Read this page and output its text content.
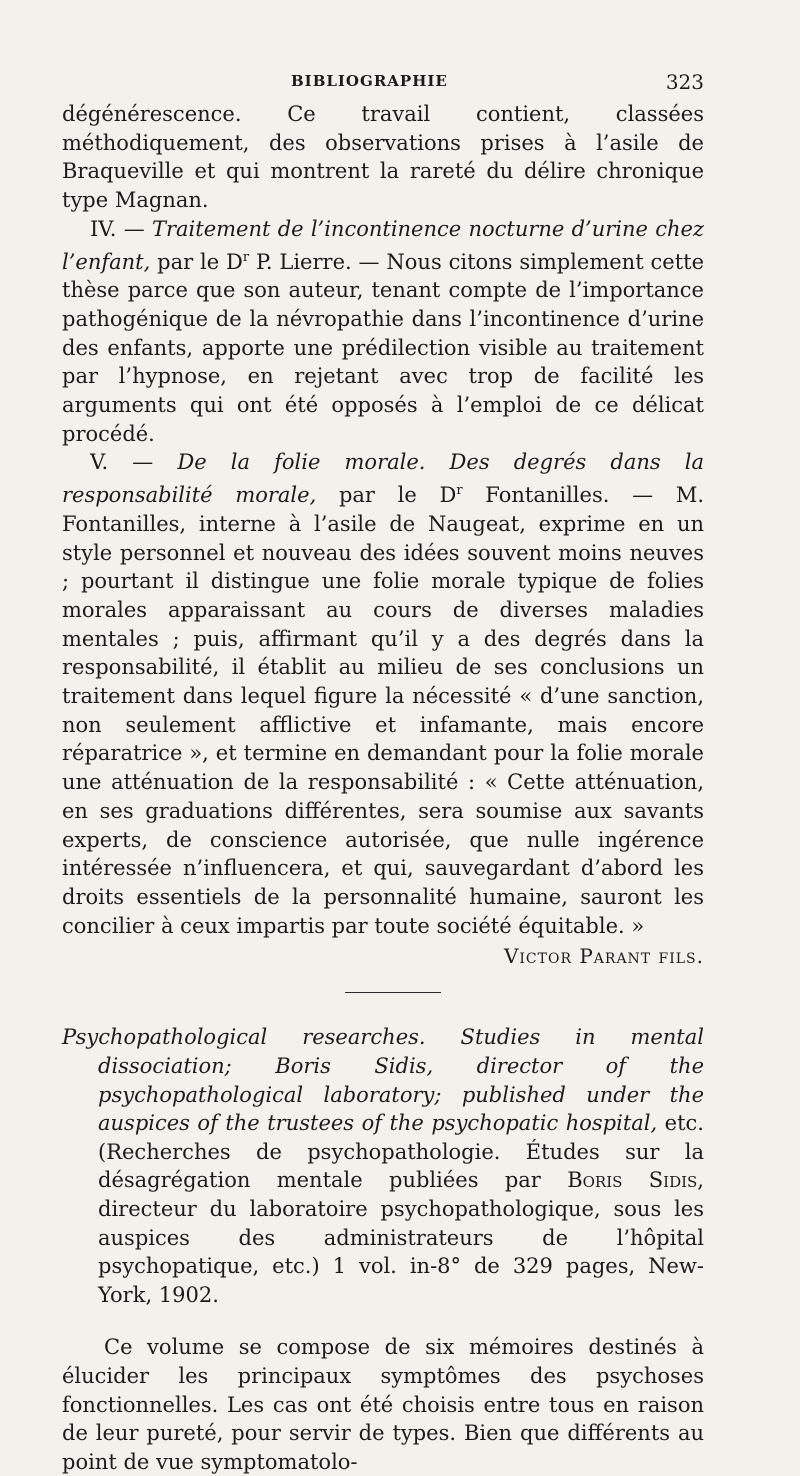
BIBLIOGRAPHIE	323

dégénérescence. Ce travail contient, classées méthodiquement, des observations prises à l’asile de Braqueville et qui montrent la rareté du délire chronique type Magnan.

IV. — Traitement de l’incontinence nocturne d’urine chez l’enfant, par le $D^r$ P. Lierre. — Nous citons simplement cette thèse parce que son auteur, tenant compte de l’importance pathogénique de la névropathie dans l’incontinence d’urine des enfants, apporte une prédilection visible au traitement par l’hypnose, en rejetant avec trop de facilité les arguments qui ont été opposés à l’emploi de ce délicat procédé.

V. — De la folie morale. Des degrés dans la responsabilité morale, par le $D^r$ Fontanilles. — M. Fontanilles, interne à l’asile de Naugeat, exprime en un style personnel et nouveau des idées souvent moins neuves ; pourtant il distingue une folie morale typique de folies morales apparaissant au cours de diverses maladies mentales ; puis, affirmant qu’il y a des degrés dans la responsabilité, il établit au milieu de ses conclusions un traitement dans lequel figure la nécessité « d’une sanction, non seulement afflictive et infamante, mais encore réparatrice », et termine en demandant pour la folie morale une atténuation de la responsabilité : « Cette atténuation, en ses graduations différentes, sera soumise aux savants experts, de conscience autorisée, que nulle ingérence intéressée n’influencera, et qui, sauvegardant d’abord les droits essentiels de la personnalité humaine, sauront les concilier à ceux impartis par toute société équitable. »

Victor Parant fils.

Psychopathological researches. Studies in mental dissociation; Boris Sidis, director of the psychopathological laboratory; published under the auspices of the trustees of the psychopatic hospital, etc. (Recherches de psychopathologie. Études sur la désagrégation mentale publiées par Boris Sidis, directeur du laboratoire psychopathologique, sous les auspices des administrateurs de l’hôpital psychopatique, etc.) 1 vol. in-8° de 329 pages, New-York, 1902.

Ce volume se compose de six mémoires destinés à élucider les principaux symptômes des psychoses fonctionnelles. Les cas ont été choisis entre tous en raison de leur pureté, pour servir de types. Bien que différents au point de vue symptomatolo-
